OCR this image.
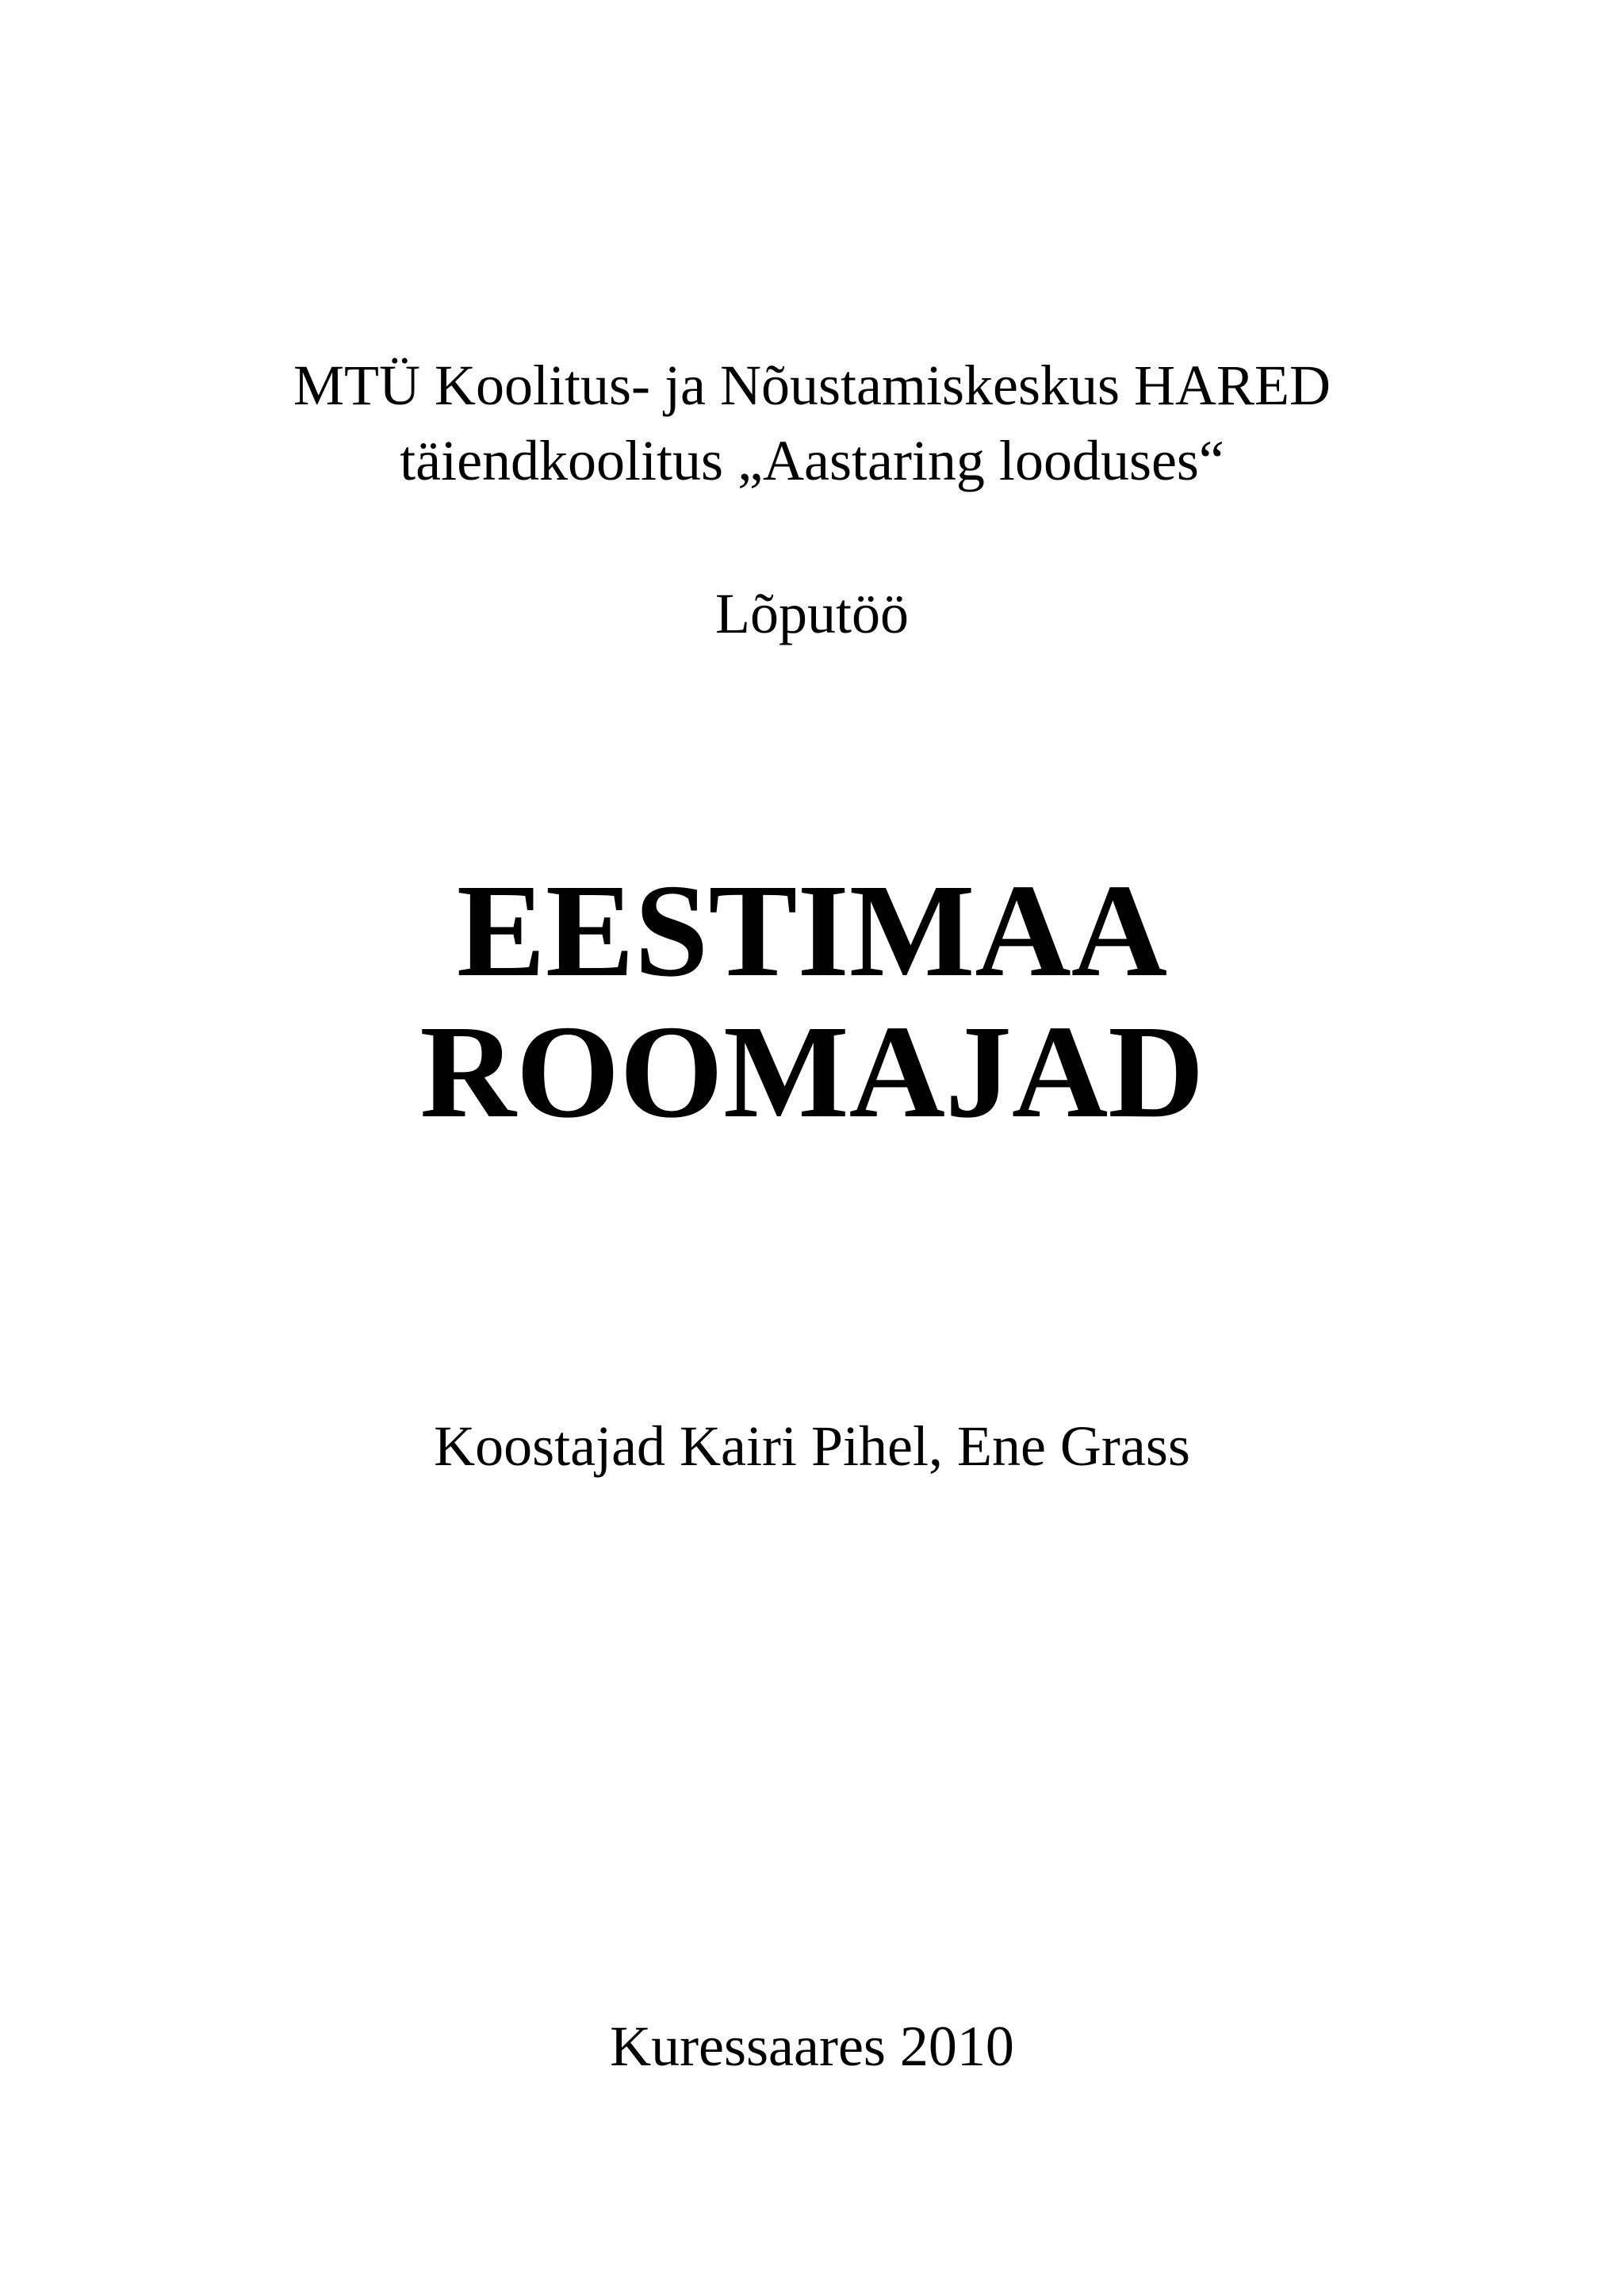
MTÜ Koolitus- ja Nõustamiskeskus HARED
täiendkoolitus „Aastaring looduses“
Lõputöö
EESTIMAA
ROOMAJAD
Koostajad Kairi Pihel, Ene Grass
Kuressaares 2010
